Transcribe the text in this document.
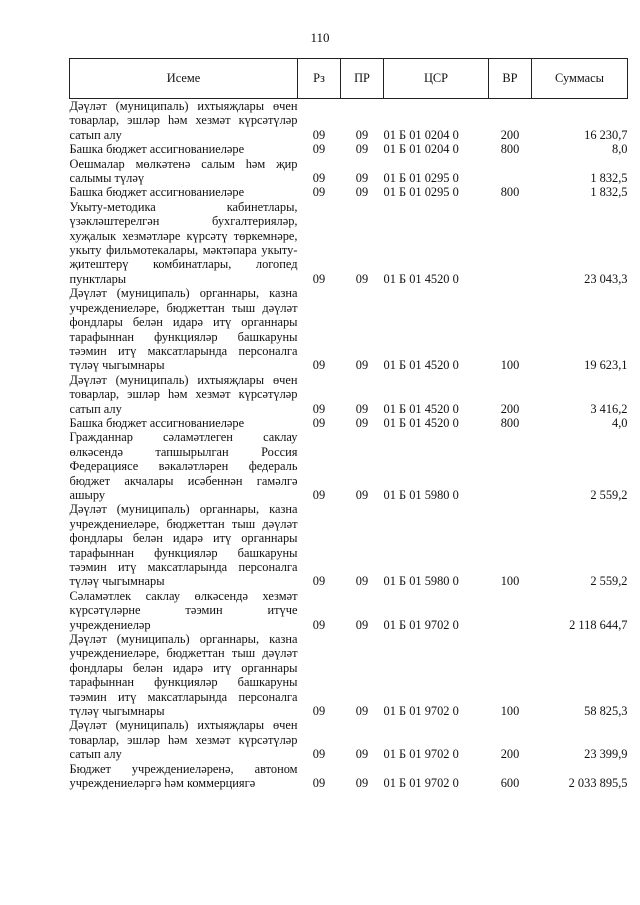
110
Исеме	Рз	ПР	ЦСР	ВР	Суммасы
Дәүләт (муниципаль) ихтыяҗлары өчен товарлар, эшләр һәм хезмәт күрсәтүләр сатып алу	09	09	01 Б 01 0204 0	200	16 230,7
Башка бюджет ассигнованиеләре	09	09	01 Б 01 0204 0	800	8,0
Оешмалар мөлкәтенә салым һәм җир салымы түләү	09	09	01 Б 01 0295 0		1 832,5
Башка бюджет ассигнованиеләре	09	09	01 Б 01 0295 0	800	1 832,5
Укыту-методика кабинетлары, үзәкләштерелгән бухгалтерияләр, хуҗалык хезмәтләре күрсәтү төркемнәре, укыту фильмотекалары, мәктәпара укыту-җитештерү комбинатлары, логопед пунктлары	09	09	01 Б 01 4520 0		23 043,3
Дәүләт (муниципаль) органнары, казна учреждениеләре, бюджеттан тыш дәүләт фондлары белән идарә итү органнары тарафыннан функцияләр башкаруны тәэмин итү максатларында персоналга түләү чыгымнары	09	09	01 Б 01 4520 0	100	19 623,1
Дәүләт (муниципаль) ихтыяҗлары өчен товарлар, эшләр һәм хезмәт күрсәтүләр сатып алу	09	09	01 Б 01 4520 0	200	3 416,2
Башка бюджет ассигнованиеләре	09	09	01 Б 01 4520 0	800	4,0
Гражданнар сәламәтлеген саклау өлкәсендә тапшырылган Россия Федерациясе вәкаләтләрен федераль бюджет акчалары исәбеннән гамәлгә ашыру	09	09	01 Б 01 5980 0		2 559,2
Дәүләт (муниципаль) органнары, казна учреждениеләре, бюджеттан тыш дәүләт фондлары белән идарә итү органнары тарафыннан функцияләр башкаруны тәэмин итү максатларында персоналга түләү чыгымнары	09	09	01 Б 01 5980 0	100	2 559,2
Сәламәтлек саклау өлкәсендә хезмәт күрсәтүләрне тәэмин итүче учреждениеләр	09	09	01 Б 01 9702 0		2 118 644,7
Дәүләт (муниципаль) органнары, казна учреждениеләре, бюджеттан тыш дәүләт фондлары белән идарә итү органнары тарафыннан функцияләр башкаруны тәэмин итү максатларында персоналга түләү чыгымнары	09	09	01 Б 01 9702 0	100	58 825,3
Дәүләт (муниципаль) ихтыяҗлары өчен товарлар, эшләр һәм хезмәт күрсәтүләр сатып алу	09	09	01 Б 01 9702 0	200	23 399,9
Бюджет учреждениеләренә, автоном учреждениеләргә һәм коммерциягә	09	09	01 Б 01 9702 0	600	2 033 895,5
